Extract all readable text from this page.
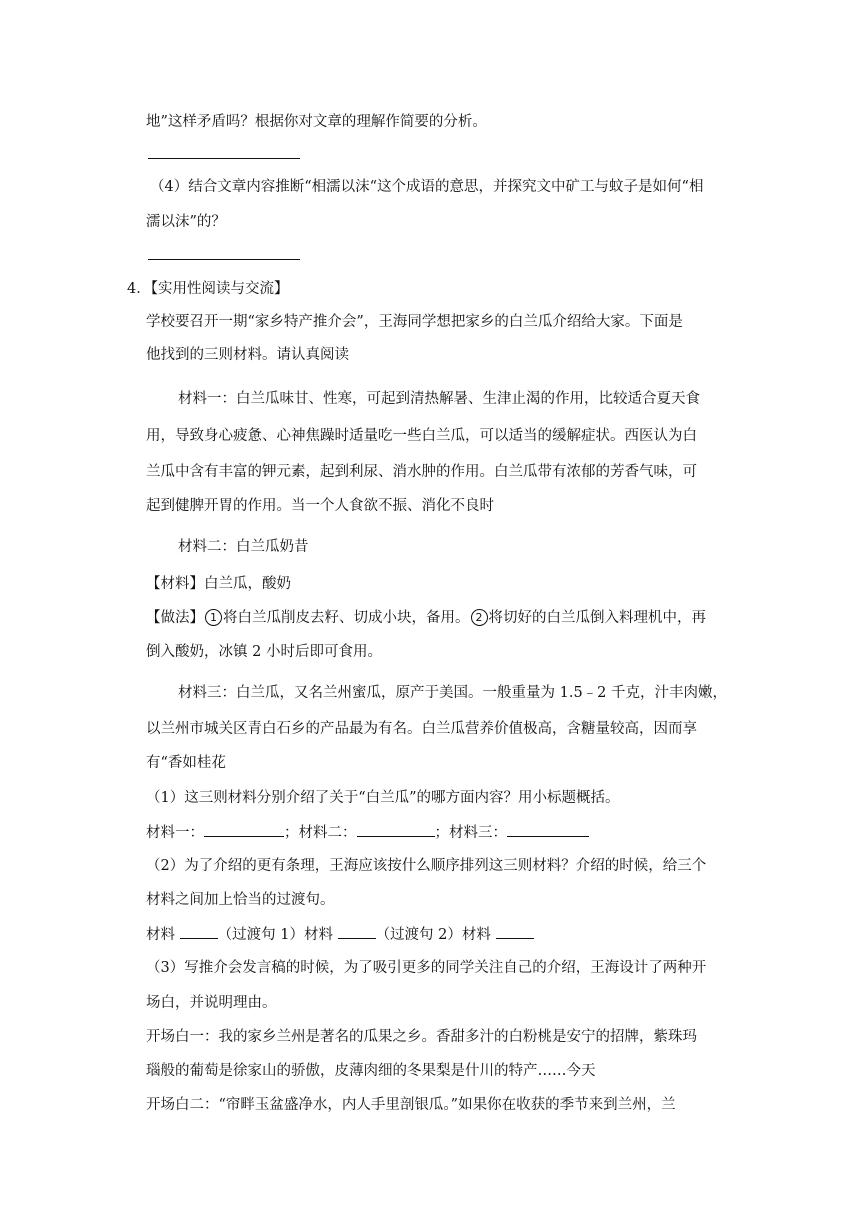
地”这样矛盾吗？根据你对文章的理解作简要的分析。
（4）结合文章内容推断“相濡以沫“这个成语的意思，并探究文中矿工与蚊子是如何“相
濡以沫”的？
4．【实用性阅读与交流】
学校要召开一期“家乡特产推介会”，王海同学想把家乡的白兰瓜介绍给大家。下面是
他找到的三则材料。请认真阅读
材料一：白兰瓜味甘、性寒，可起到清热解暑、生津止渴的作用，比较适合夏天食
用，导致身心疲惫、心神焦躁时适量吃一些白兰瓜，可以适当的缓解症状。西医认为白
兰瓜中含有丰富的钾元素，起到利尿、消水肿的作用。白兰瓜带有浓郁的芳香气味，可
起到健脾开胃的作用。当一个人食欲不振、消化不良时
材料二：白兰瓜奶昔
【材料】白兰瓜，酸奶
【做法】 1 将白兰瓜削皮去籽、切成小块，备用。 2 将切好的白兰瓜倒入料理机中，再
倒入酸奶，冰镇 2 小时后即可食用。
材料三：白兰瓜，又名兰州蜜瓜，原产于美国。一般重量为 1.5﹣2 千克，汁丰肉嫩，
以兰州市城关区青白石乡的产品最为有名。白兰瓜营养价值极高，含糖量较高，因而享
有“香如桂花
（1）这三则材料分别介绍了关于“白兰瓜”的哪方面内容？用小标题概括。
材料一：	；材料二：	；材料三：
（2）为了介绍的更有条理，王海应该按什么顺序排列这三则材料？介绍的时候，给三个
材料之间加上恰当的过渡句。
材料	（过渡句 1）材料	（过渡句 2）材料
（3）写推介会发言稿的时候，为了吸引更多的同学关注自己的介绍，王海设计了两种开
场白，并说明理由。
开场白一：我的家乡兰州是著名的瓜果之乡。香甜多汁的白粉桃是安宁的招牌，紫珠玛
瑙般的葡萄是徐家山的骄傲，皮薄肉细的冬果梨是什川的特产……今天
开场白二：“帘畔玉盆盛净水，内人手里剖银瓜。”如果你在收获的季节来到兰州，兰
